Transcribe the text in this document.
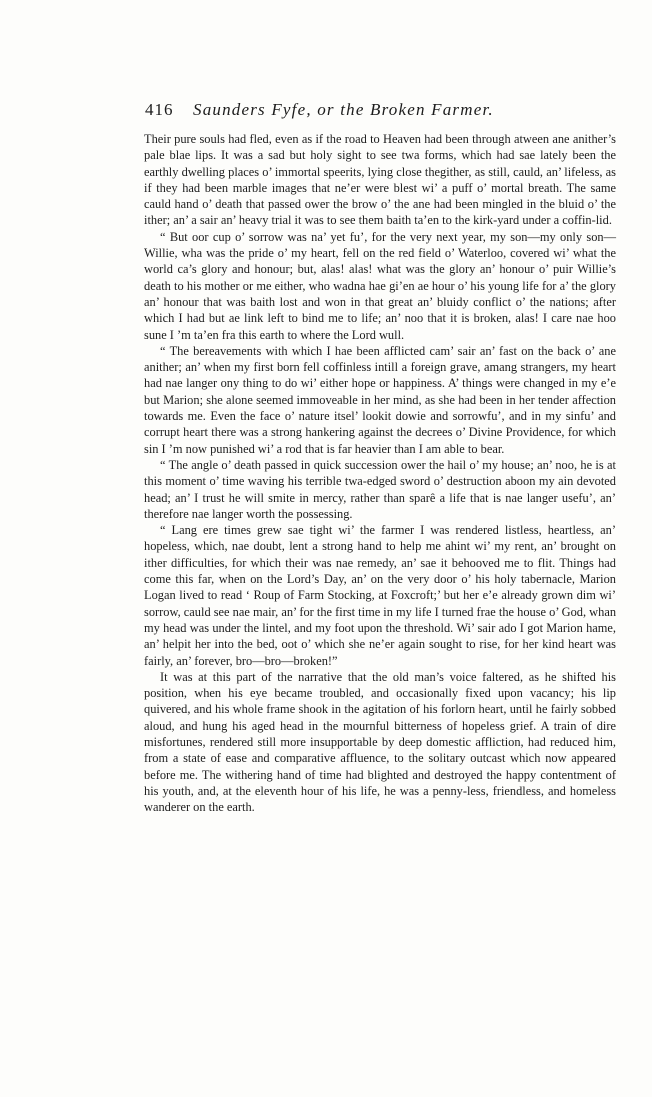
416 Saunders Fyfe, or the Broken Farmer.

Their pure souls had fled, even as if the road to Heaven had been through atween ane anither’s pale blae lips. It was a sad but holy sight to see twa forms, which had sae lately been the earthly dwelling places o’ immortal speerits, lying close thegither, as still, cauld, an’ lifeless, as if they had been marble images that ne’er were blest wi’ a puff o’ mortal breath. The same cauld hand o’ death that passed ower the brow o’ the ane had been mingled in the bluid o’ the ither; an’ a sair an’ heavy trial it was to see them baith ta’en to the kirk-yard under a coffin-lid.

“ But oor cup o’ sorrow was na’ yet fu’, for the very next year, my son—my only son—Willie, wha was the pride o’ my heart, fell on the red field o’ Waterloo, covered wi’ what the world ca’s glory and honour; but, alas! alas! what was the glory an’ honour o’ puir Willie’s death to his mother or me either, who wadna hae gi’en ae hour o’ his young life for a’ the glory an’ honour that was baith lost and won in that great an’ bluidy conflict o’ the nations; after which I had but ae link left to bind me to life; an’ noo that it is broken, alas! I care nae hoo sune I ’m ta’en fra this earth to where the Lord wull.

“ The bereavements with which I hae been afflicted cam’ sair an’ fast on the back o’ ane anither; an’ when my first born fell coffinless intill a foreign grave, amang strangers, my heart had nae langer ony thing to do wi’ either hope or happiness. A’ things were changed in my e’e but Marion; she alone seemed immoveable in her mind, as she had been in her tender affection towards me. Even the face o’ nature itsel’ lookit dowie and sorrowfu’, and in my sinfu’ and corrupt heart there was a strong hankering against the decrees o’ Divine Providence, for which sin I ’m now punished wi’ a rod that is far heavier than I am able to bear.

“ The angle o’ death passed in quick succession ower the hail o’ my house; an’ noo, he is at this moment o’ time waving his terrible twa-edged sword o’ destruction aboon my ain devoted head; an’ I trust he will smite in mercy, rather than sparê a life that is nae langer usefu’, an’ therefore nae langer worth the possessing.

“ Lang ere times grew sae tight wi’ the farmer I was rendered listless, heartless, an’ hopeless, which, nae doubt, lent a strong hand to help me ahint wi’ my rent, an’ brought on ither difficulties, for which their was nae remedy, an’ sae it behooved me to flit. Things had come this far, when on the Lord’s Day, an’ on the very door o’ his holy tabernacle, Marion Logan lived to read ‘ Roup of Farm Stocking, at Foxcroft;’ but her e’e already grown dim wi’ sorrow, cauld see nae mair, an’ for the first time in my life I turned frae the house o’ God, whan my head was under the lintel, and my foot upon the threshold. Wi’ sair ado I got Marion hame, an’ helpit her into the bed, oot o’ which she ne’er again sought to rise, for her kind heart was fairly, an’ forever, bro—bro—broken!”

It was at this part of the narrative that the old man’s voice faltered, as he shifted his position, when his eye became troubled, and occasionally fixed upon vacancy; his lip quivered, and his whole frame shook in the agitation of his forlorn heart, until he fairly sobbed aloud, and hung his aged head in the mournful bitterness of hopeless grief. A train of dire misfortunes, rendered still more insupportable by deep domestic affliction, had reduced him, from a state of ease and comparative affluence, to the solitary outcast which now appeared before me. The withering hand of time had blighted and destroyed the happy contentment of his youth, and, at the eleventh hour of his life, he was a penny-less, friendless, and homeless wanderer on the earth.
